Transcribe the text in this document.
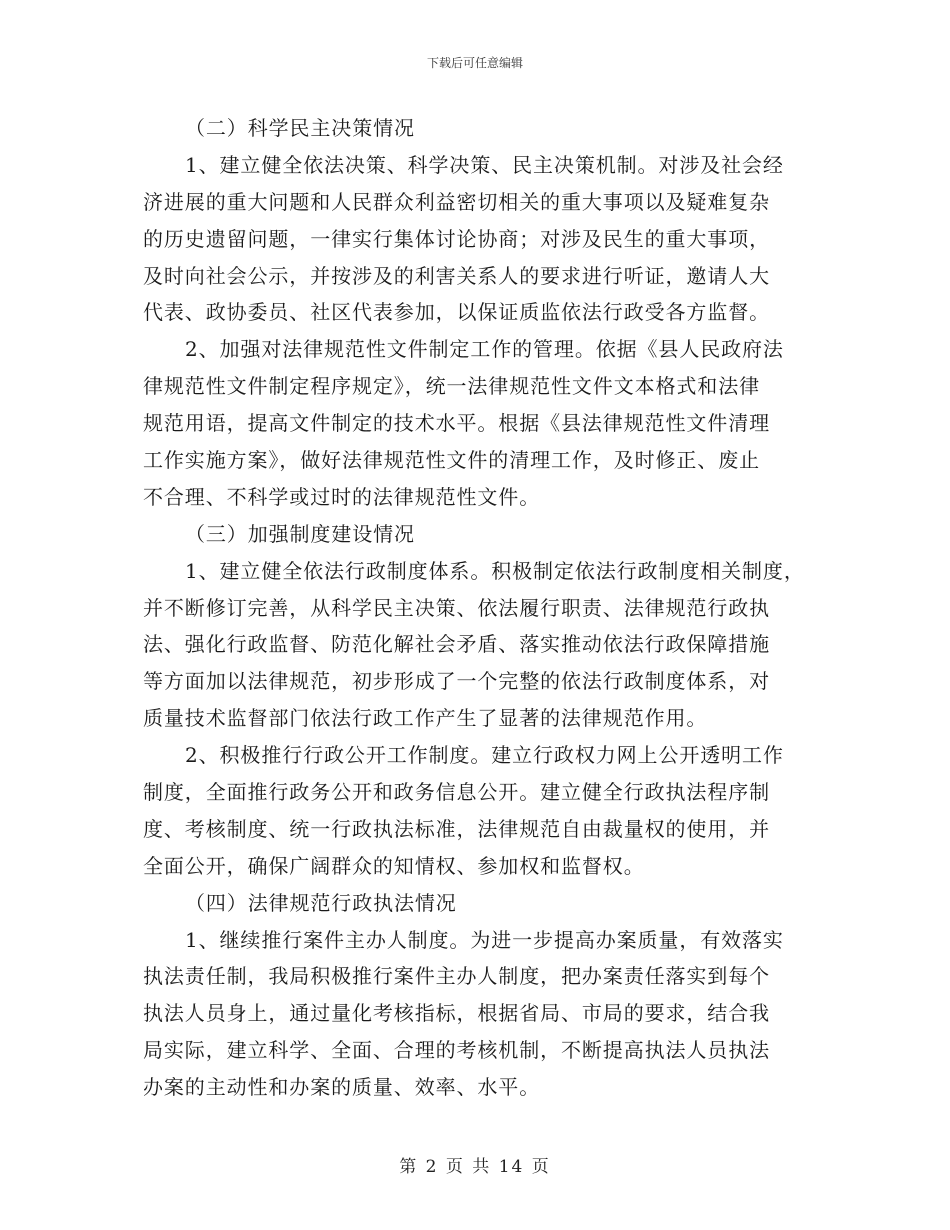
下载后可任意编辑
（二）科学民主决策情况
1、建立健全依法决策、科学决策、民主决策机制。对涉及社会经
济进展的重大问题和人民群众利益密切相关的重大事项以及疑难复杂
的历史遗留问题，一律实行集体讨论协商；对涉及民生的重大事项，
及时向社会公示，并按涉及的利害关系人的要求进行听证，邀请人大
代表、政协委员、社区代表参加，以保证质监依法行政受各方监督。
2、加强对法律规范性文件制定工作的管理。依据《县人民政府法
律规范性文件制定程序规定》，统一法律规范性文件文本格式和法律
规范用语，提高文件制定的技术水平。根据《县法律规范性文件清理
工作实施方案》，做好法律规范性文件的清理工作，及时修正、废止
不合理、不科学或过时的法律规范性文件。
（三）加强制度建设情况
1、建立健全依法行政制度体系。积极制定依法行政制度相关制度，
并不断修订完善，从科学民主决策、依法履行职责、法律规范行政执
法、强化行政监督、防范化解社会矛盾、落实推动依法行政保障措施
等方面加以法律规范，初步形成了一个完整的依法行政制度体系，对
质量技术监督部门依法行政工作产生了显著的法律规范作用。
2、积极推行行政公开工作制度。建立行政权力网上公开透明工作
制度，全面推行政务公开和政务信息公开。建立健全行政执法程序制
度、考核制度、统一行政执法标准，法律规范自由裁量权的使用，并
全面公开，确保广阔群众的知情权、参加权和监督权。
（四）法律规范行政执法情况
1、继续推行案件主办人制度。为进一步提高办案质量，有效落实
执法责任制，我局积极推行案件主办人制度，把办案责任落实到每个
执法人员身上，通过量化考核指标，根据省局、市局的要求，结合我
局实际，建立科学、全面、合理的考核机制，不断提高执法人员执法
办案的主动性和办案的质量、效率、水平。
第 2 页 共 14 页
